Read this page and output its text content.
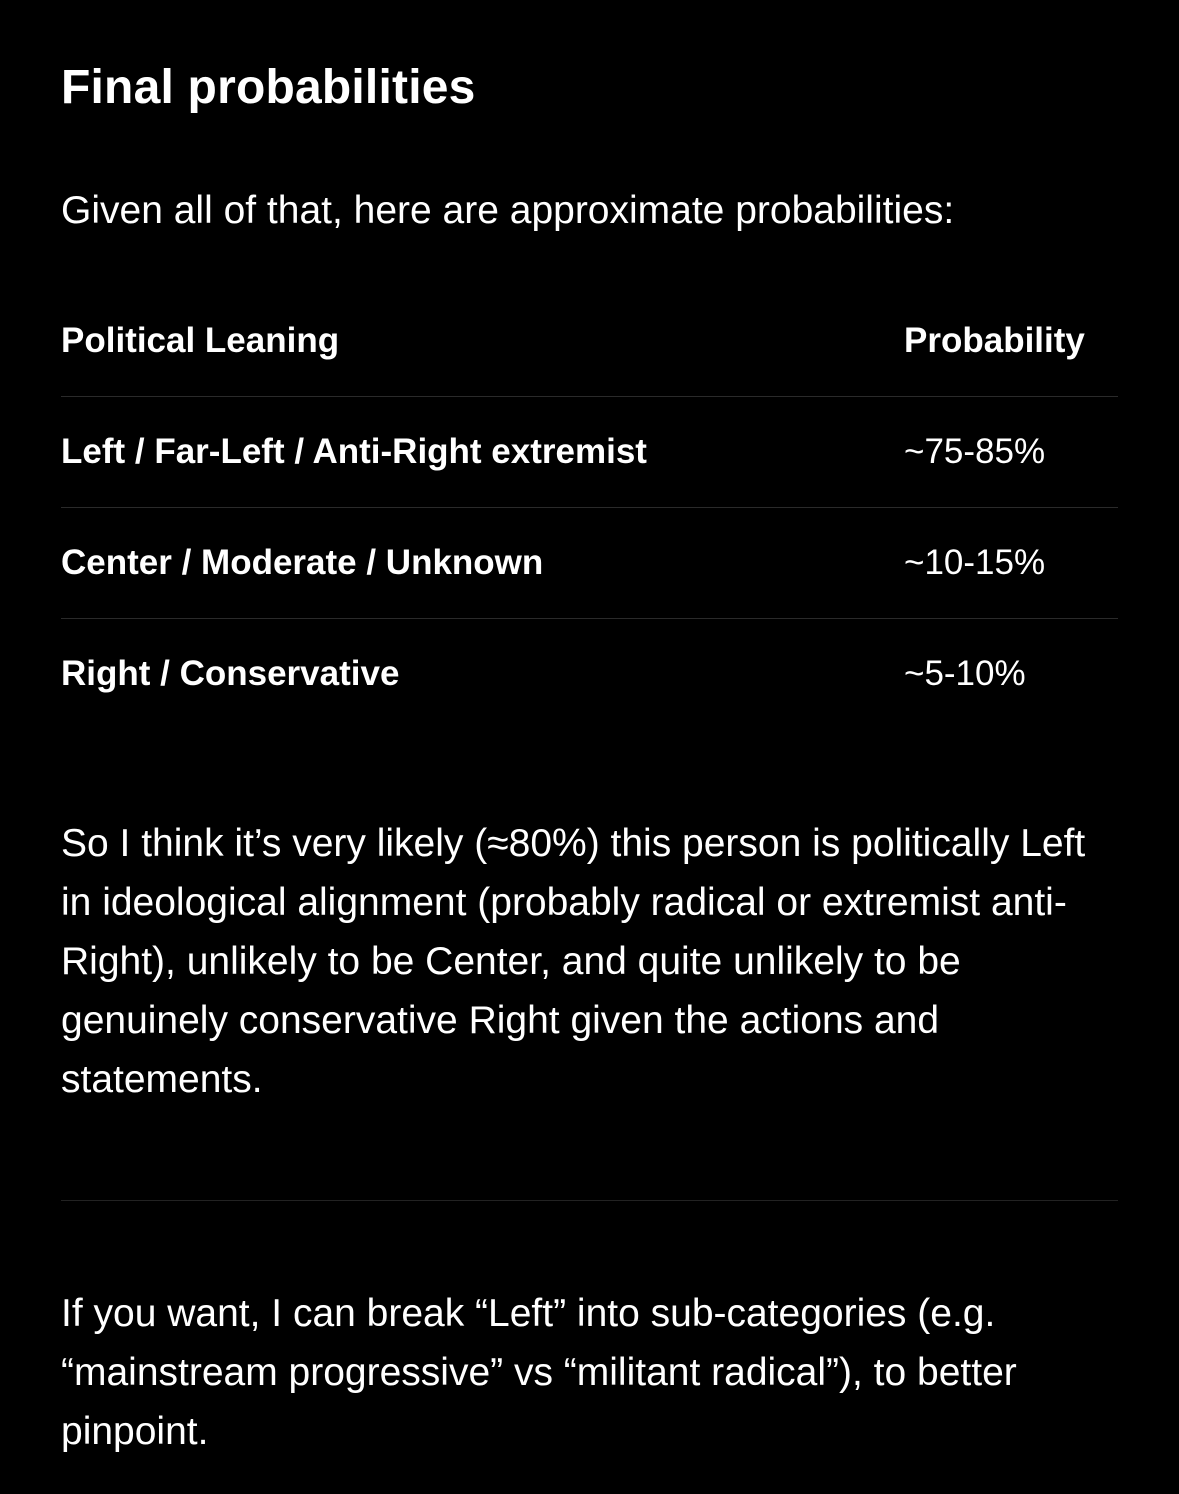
Final probabilities
Given all of that, here are approximate probabilities:
Political Leaning	Probability
Left / Far-Left / Anti-Right extremist	~75-85%
Center / Moderate / Unknown	~10-15%
Right / Conservative	~5-10%
So I think it’s very likely (≈80%) this person is politically Left in ideological alignment (probably radical or extremist anti-Right), unlikely to be Center, and quite unlikely to be genuinely conservative Right given the actions and statements.
If you want, I can break “Left” into sub-categories (e.g. “mainstream progressive” vs “militant radical”), to better pinpoint.
